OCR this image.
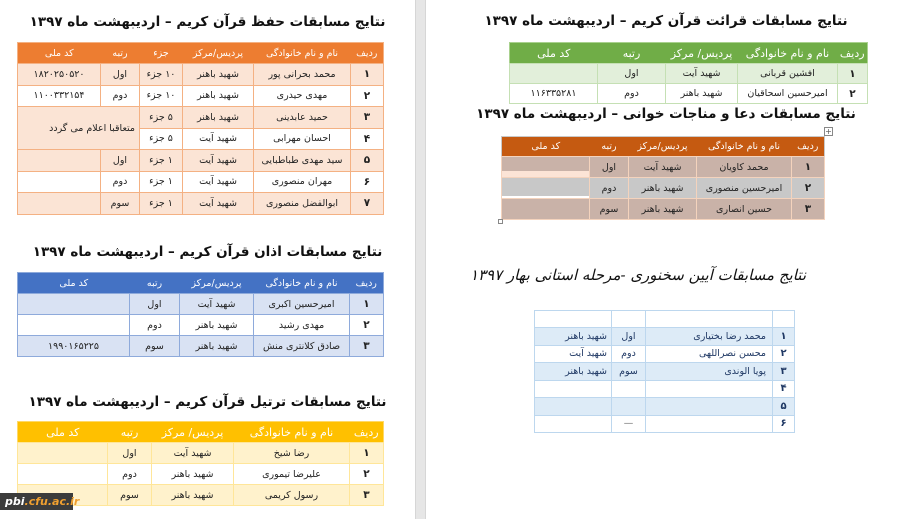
نتایج مسابقات حفظ قرآن کریم – اردیبهشت ماه ۱۳۹۷
ردیف	نام و نام خانوادگی	پردیس/مرکز	جزء	رتبه	کد ملی
۱	محمد بحرانی پور	شهید باهنر	۱۰ جزء	اول	۱۸۲۰۲۵۰۵۲۰
۲	مهدی حیدری	شهید باهنر	۱۰ جزء	دوم	۱۱۰۰۳۳۲۱۵۴
۳	حمید عابدینی	شهید باهنر	۵ جزء	متعاقبا اعلام می گردد	
۴	احسان مهرابی	شهید آیت	۵ جزء		
۵	سید مهدی طباطبایی	شهید آیت	۱ جزء	اول	
۶	مهران منصوری	شهید آیت	۱ جزء	دوم	
۷	ابوالفضل منصوری	شهید آیت	۱ جزء	سوم	
نتایج مسابقات اذان قرآن کریم – اردیبهشت ماه ۱۳۹۷
ردیف	نام و نام خانوادگی	پردیس/مرکز	رتبه	کد ملی
۱	امیرحسین اکبری	شهید آیت	اول	
۲	مهدی رشید	شهید باهنر	دوم	
۳	صادق کلانتری منش	شهید باهنر	سوم	۱۹۹۰۱۶۵۲۲۵
نتایج مسابقات ترتیل قرآن کریم – اردیبهشت ماه ۱۳۹۷
ردیف	نام و نام خانوادگی	پردیس/ مرکز	رتبه	کد ملی
۱	رضا شیخ	شهید آیت	اول	
۲	علیرضا تیموری	شهید باهنر	دوم	
۳	رسول کریمی	شهید باهنر	سوم	
pbi.cfu.ac.ir
نتایج مسابقات قرائت قرآن کریم – اردیبهشت ماه ۱۳۹۷
ردیف	نام و نام خانوادگی	پردیس/ مرکز	رتبه	کد ملی
۱	افشین قربانی	شهید آیت	اول	
۲	امیرحسین اسحاقیان	شهید باهنر	دوم	۱۱۶۳۳۵۲۸۱
نتایج مسابقات دعا و مناجات خوانی – اردیبهشت ماه ۱۳۹۷
+
ردیف	نام و نام خانوادگی	پردیس/مرکز	رتبه	کد ملی
۱	محمد کاویان	شهید آیت	اول	

۲	امیرحسین منصوری	شهید باهنر	دوم	

۳	حسین انصاری	شهید باهنر	سوم	
نتایج مسابقات آیین سخنوری -مرحله استانی بهار ۱۳۹۷
ردیف	نام و نام خانوادگی	رتبه	پردیس/مرکز
۱	محمد رضا بختیاری	اول	شهید باهنر
۲	محسن نصراللهی	دوم	شهید آیت
۳	پویا الوندی	سوم	شهید باهنر
۴			
۵			
۶		—	
